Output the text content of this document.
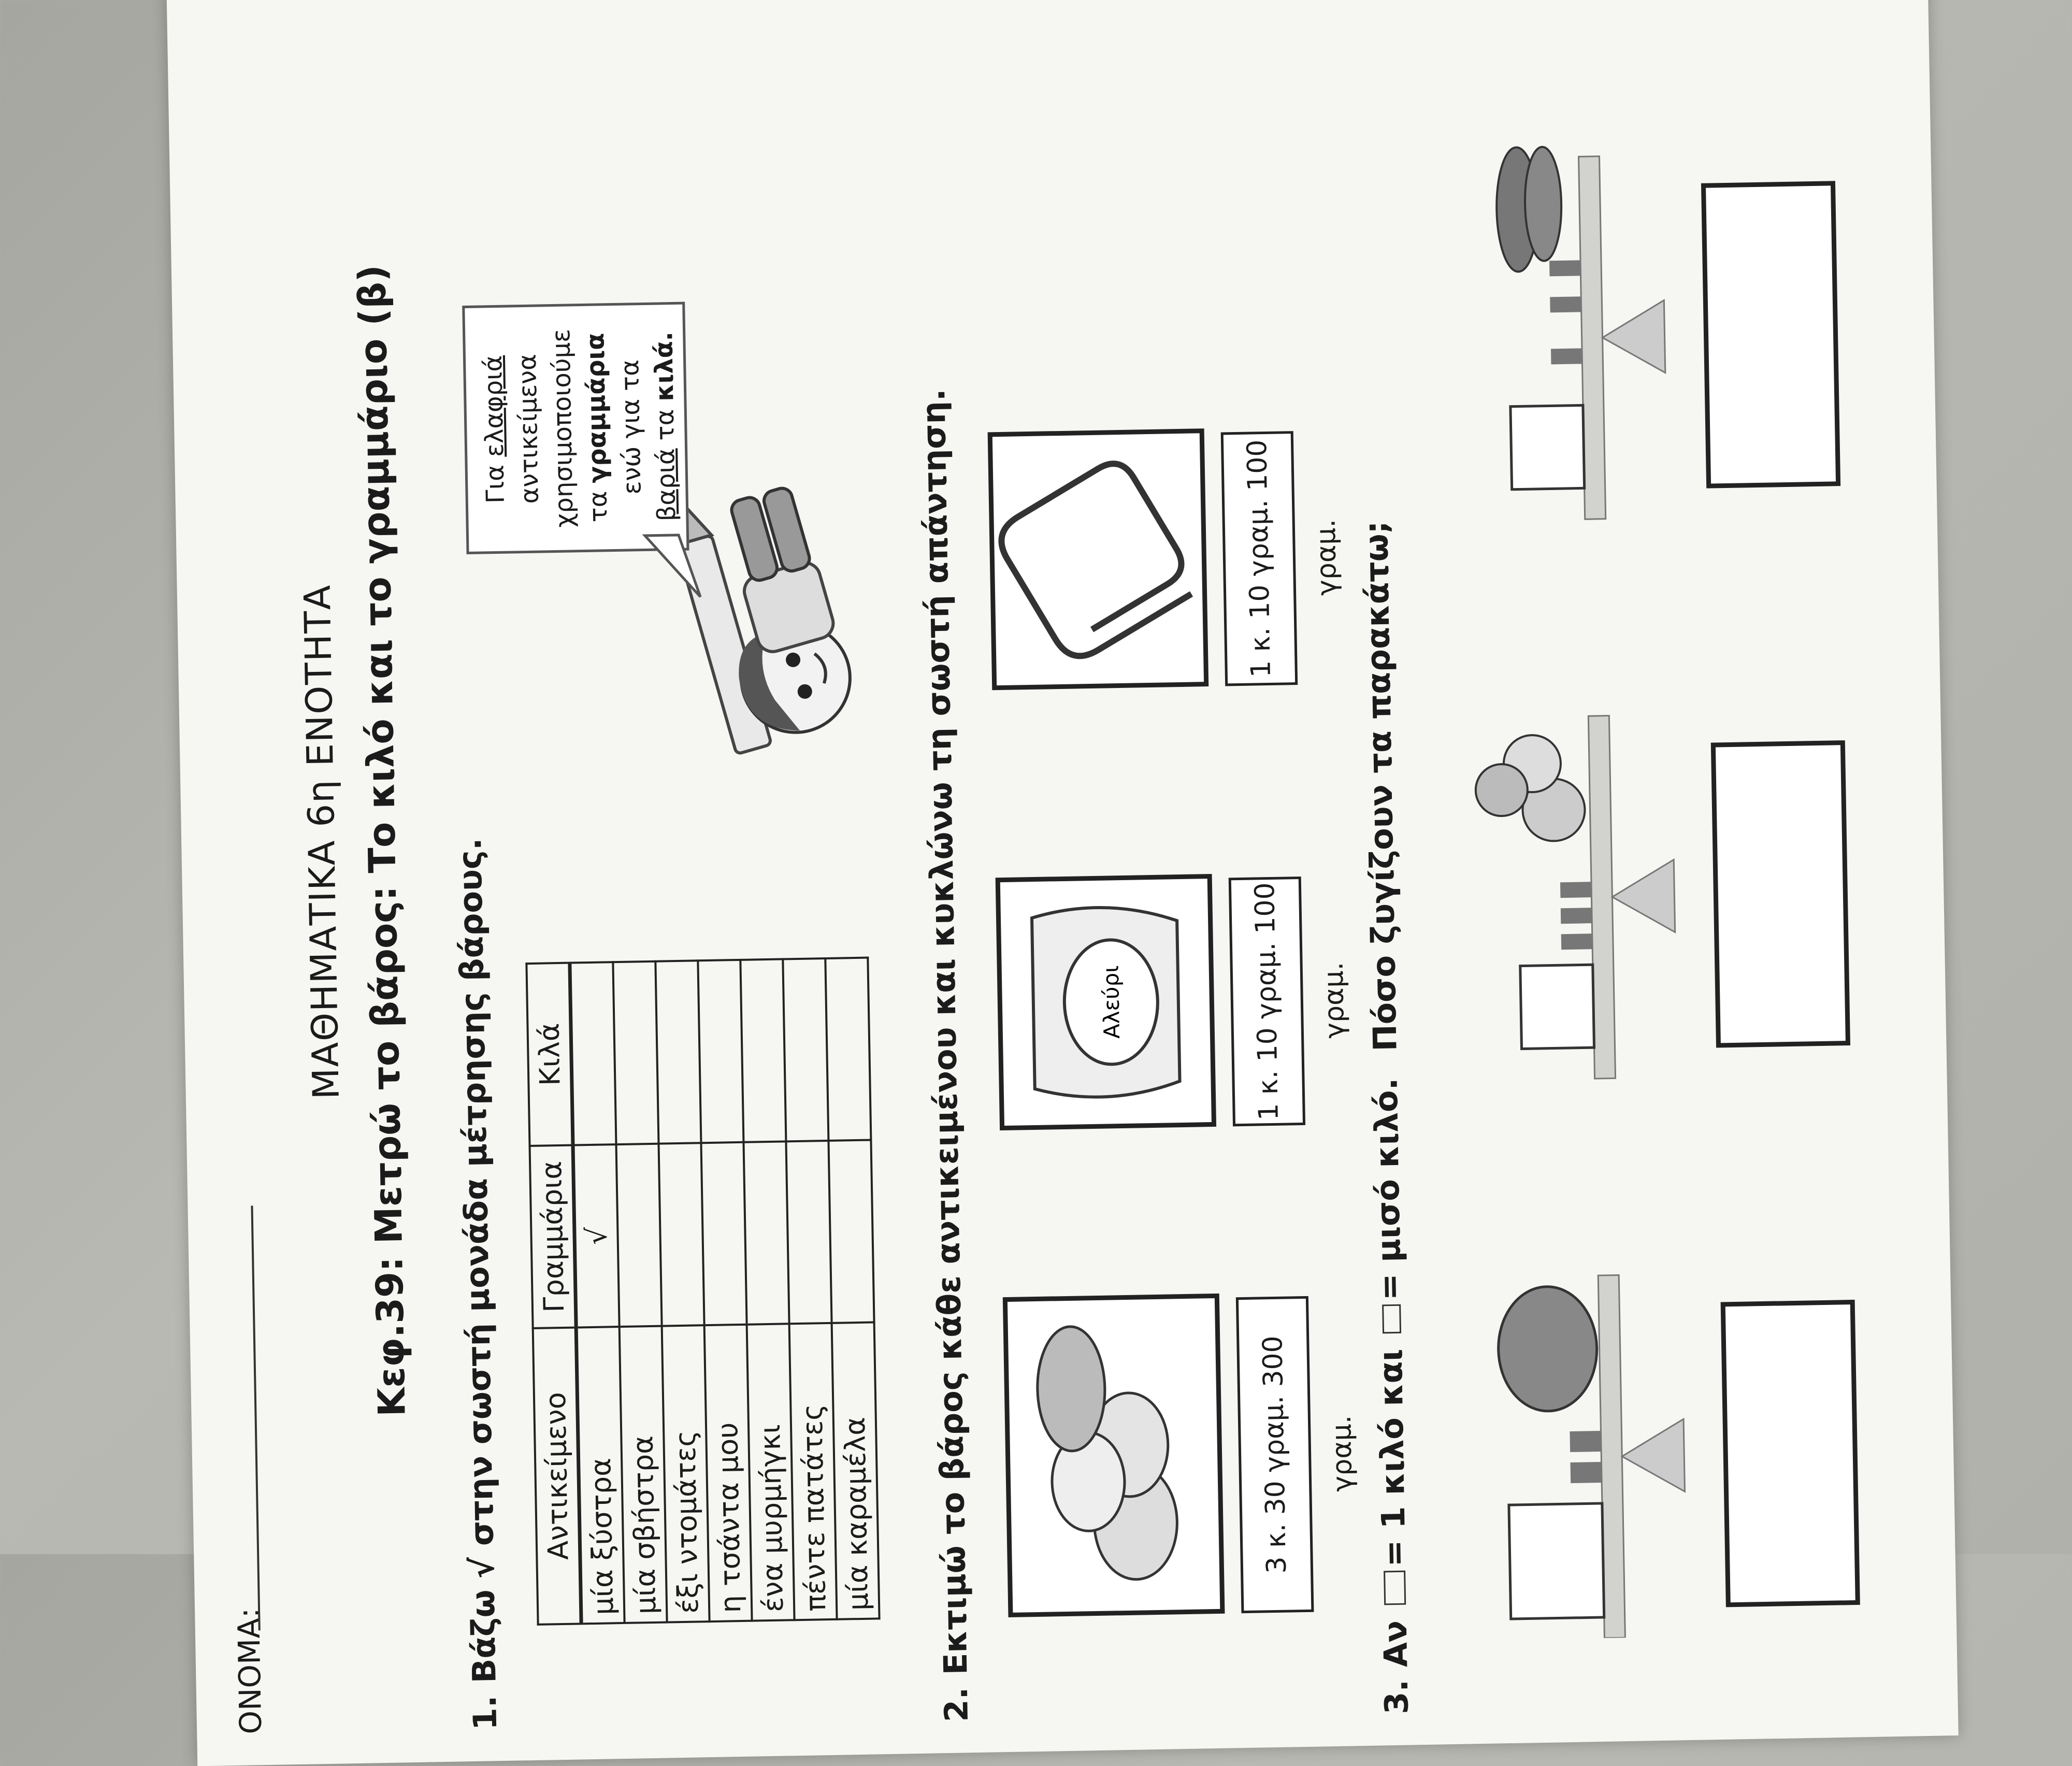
ΟΝΟΜΑ:
ΜΑΘΗΜΑΤΙΚΑ 6η ΕΝΟΤΗΤΑ Κεφ.39: Μετρώ το βάρος: Το κιλό και το γραμμάριο (β)
1.Βάζω √ στην σωστή μονάδα μέτρησης βάρους. Αντικείμενο	Γραμμάρια	Κιλά
μία ξύστρα	√	
μία σβήστρα		
έξι ντομάτες		
η τσάντα μου		
ένα μυρμήγκι		
πέντε πατάτες		
μία καραμέλα		
Για ελαφριά αντικείμενα χρησιμοποιούμε τα γραμμάρια ενώ για τα βαριά τα κιλά.
2.Εκτιμώ το βάρος κάθε αντικειμένου και κυκλώνω τη σωστή απάντηση.	3 κ. 30 γραμ. 300 γραμ.
Αλεύρι	1 κ. 10 γραμ. 100 γραμ.
1 κ. 10 γραμ. 100 γραμ.
3.Αν = 1 κιλό και = μισό κιλό. Πόσο ζυγίζουν τα παρακάτω;
